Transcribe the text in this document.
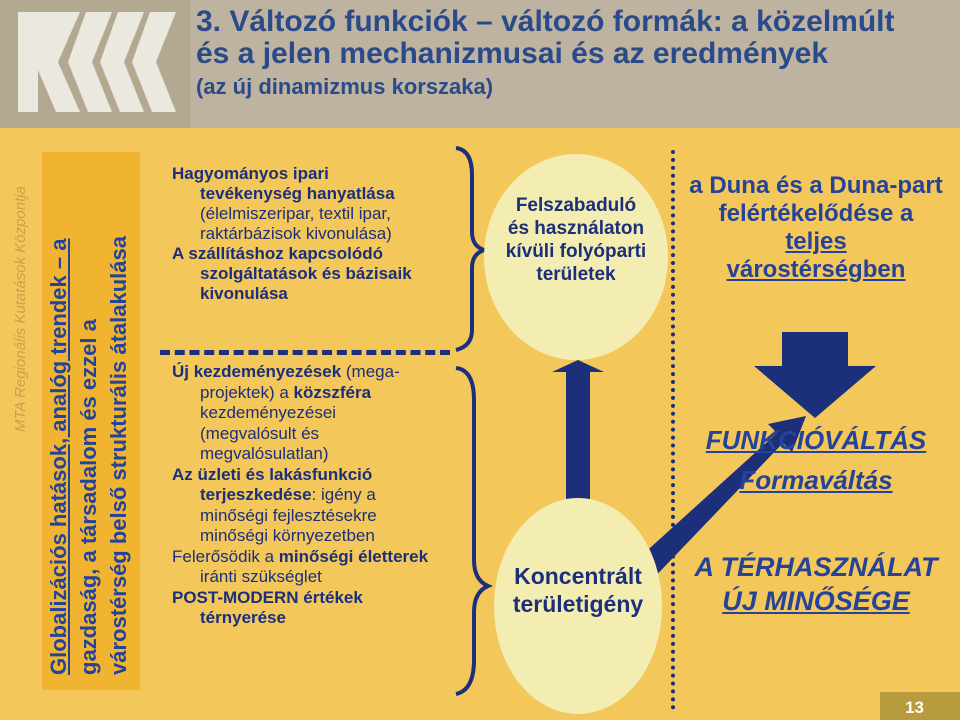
3. Változó funkciók – változó formák: a közelmúlt
és a jelen mechanizmusai és az eredmények
(az új dinamizmus korszaka)
MTA Regionális Kutatások Központja Globalizációs hatások, analóg trendek – a gazdaság, a társadalom és ezzel a várostérség belső strukturális átalakulása
Hagyományos ipari
tevékenység hanyatlása
(élelmiszeripar, textil ipar,
raktárbázisok kivonulása)
A szállításhoz kapcsolódó
szolgáltatások és bázisaik
kivonulása
Új kezdeményezések (mega-
projektek) a közszféra
kezdeményezései
(megvalósult és
megvalósulatlan)
Az üzleti és lakásfunkció
terjeszkedése: igény a
minőségi fejlesztésekre
minőségi környezetben
Felerősödik a minőségi életterek
iránti szükséglet
POST-MODERN értékek
térnyerése
Felszabaduló
és használaton
kívüli folyóparti
területek
Koncentrált
területigény
a Duna és a Duna-part
felértékelődése a
teljes
várostérségben
FUNKCIÓVÁLTÁS
Formaváltás
A TÉRHASZNÁLAT
ÚJ MINŐSÉGE
13
